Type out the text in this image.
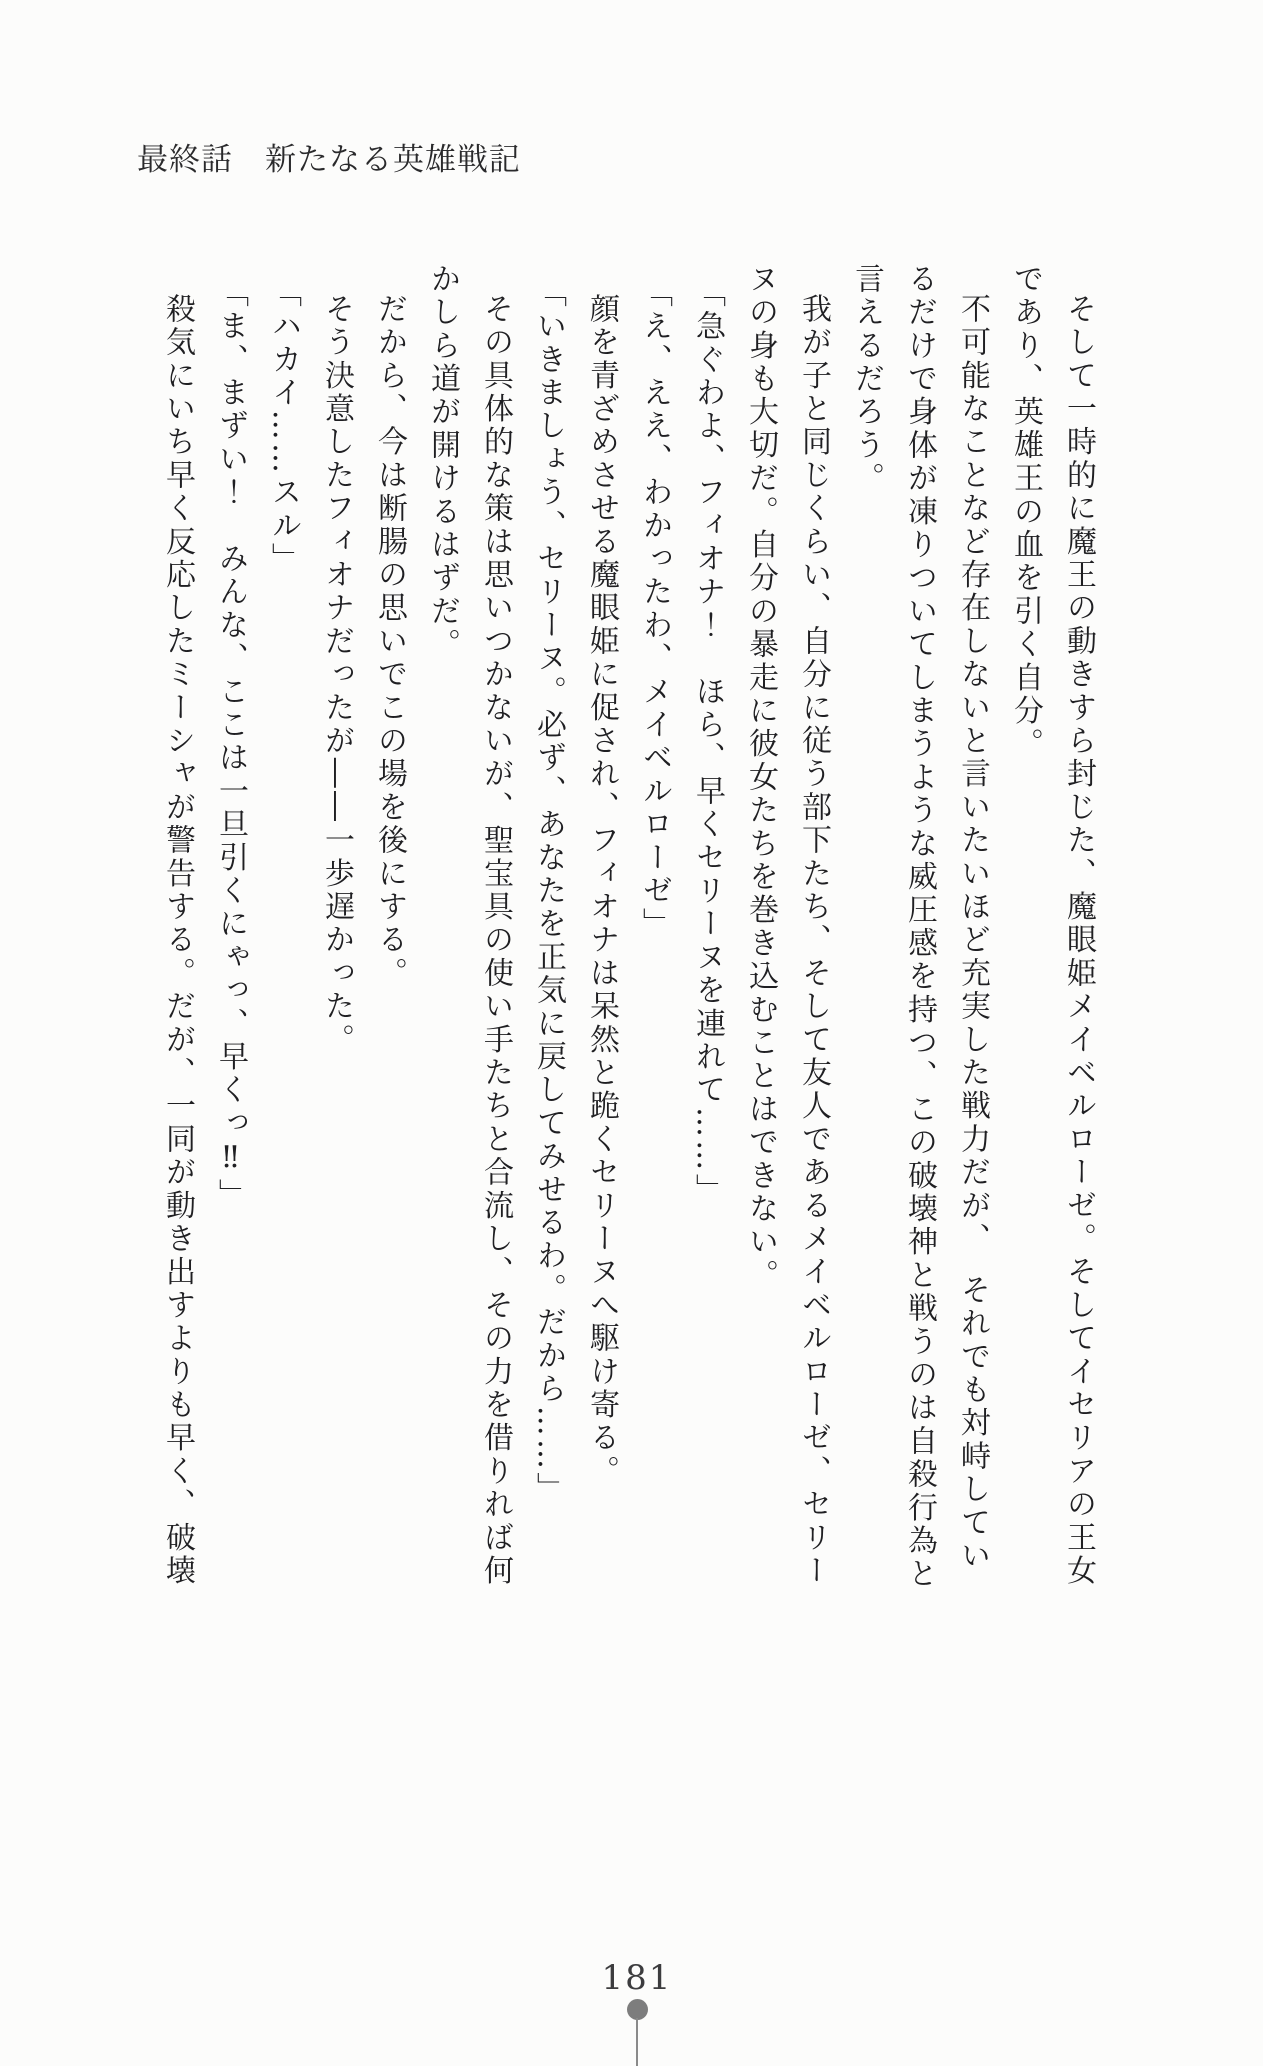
最終話　新たなる英雄戦記

そして一時的に魔王の動きすら封じた、魔眼姫メイベルローゼ。そしてイセリアの王女であり、英雄王の血を引く自分。

不可能なことなど存在しないと言いたいほど充実した戦力だが、　それでも対峙しているだけで身体が凍りついてしまうような威圧感を持つ、この破壊神と戦うのは自殺行為と言えるだろう。

我が子と同じくらい、自分に従う部下たち、そして友人であるメイベルローゼ、セリーヌの身も大切だ。自分の暴走に彼女たちを巻き込むことはできない。

「急ぐわよ、フィオナ！　ほら、早くセリーヌを連れて……」

「え、ええ、わかったわ、メイベルローゼ」

顔を青ざめさせる魔眼姫に促され、フィオナは呆然と跪くセリーヌへ駆け寄る。

「いきましょう、セリーヌ。必ず、あなたを正気に戻してみせるわ。だから……」

その具体的な策は思いつかないが、聖宝具の使い手たちと合流し、その力を借りれば何かしら道が開けるはずだ。

だから、今は断腸の思いでこの場を後にする。

そう決意したフィオナだったが――一歩遅かった。

「ハカイ……スル」

「ま、まずい！　みんな、ここは一旦引くにゃっ、早くっ‼」

殺気にいち早く反応したミーシャが警告する。だが、一同が動き出すよりも早く、破壊

181
